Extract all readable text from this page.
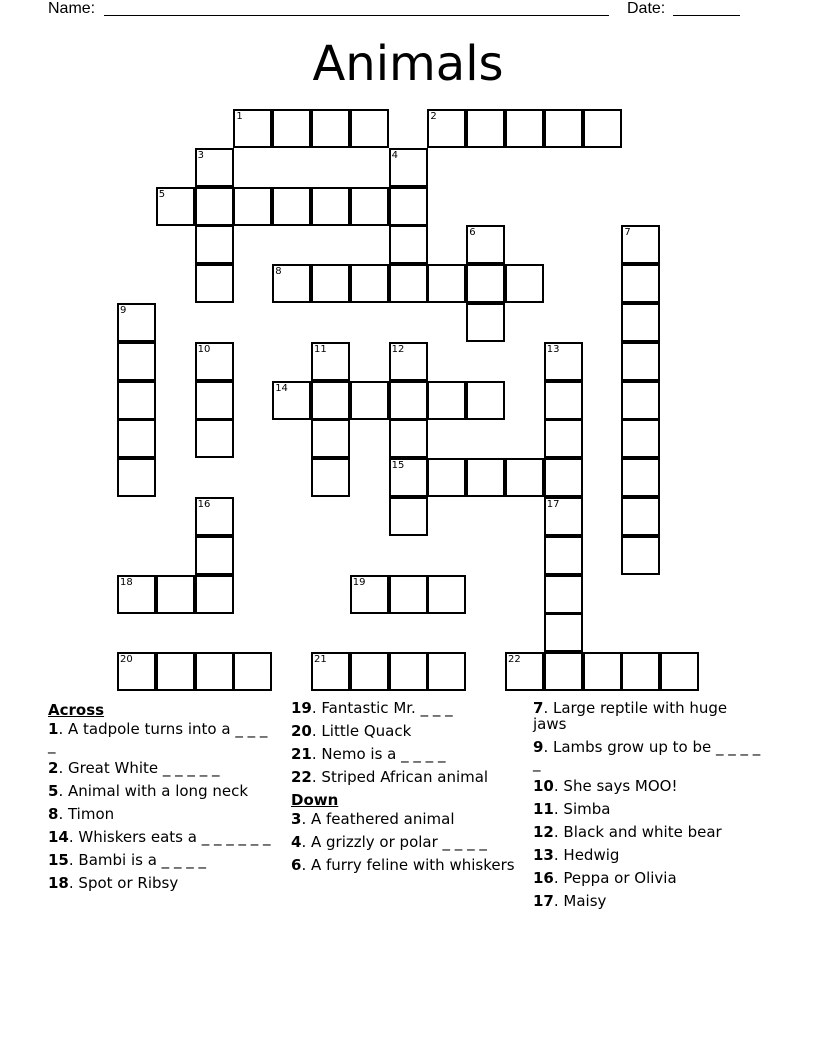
Name:	Date:
Animals
1	2
3	4
5
6	7
8
9
10	11	12	13
14
15
16	17
18	19
20	21	22
Across
1. A tadpole turns into a _ _ _ _
2. Great White _ _ _ _ _
5. Animal with a long neck
8. Timon
14. Whiskers eats a _ _ _ _ _ _
15. Bambi is a _ _ _ _
18. Spot or Ribsy
19. Fantastic Mr. _ _ _
20. Little Quack
21. Nemo is a _ _ _ _
22. Striped African animal
Down
3. A feathered animal
4. A grizzly or polar _ _ _ _
6. A furry feline with whiskers
7. Large reptile with huge jaws
9. Lambs grow up to be _ _ _ _ _
10. She says MOO!
11. Simba
12. Black and white bear
13. Hedwig
16. Peppa or Olivia
17. Maisy
